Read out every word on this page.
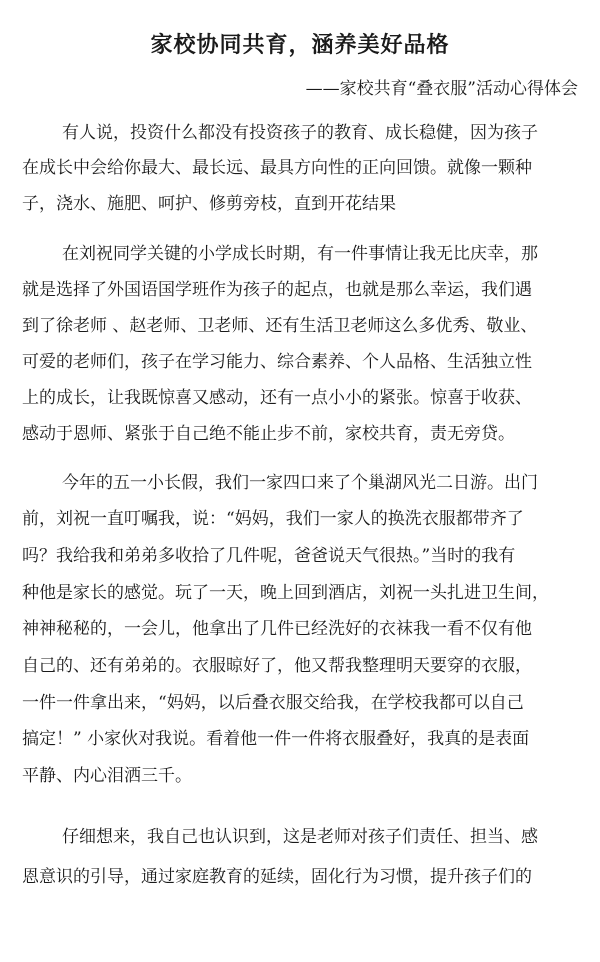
家校协同共育，涵养美好品格
——家校共育“叠衣服”活动心得体会
有人说，投资什么都没有投资孩子的教育、成长稳健，因为孩子
在成长中会给你最大、最长远、最具方向性的正向回馈。就像一颗种
子，浇水、施肥、呵护、修剪旁枝，直到开花结果
在刘祝同学关键的小学成长时期，有一件事情让我无比庆幸，那
就是选择了外国语国学班作为孩子的起点，也就是那么幸运，我们遇
到了徐老师 、赵老师、卫老师、还有生活卫老师这么多优秀、敬业、
可爱的老师们，孩子在学习能力、综合素养、个人品格、生活独立性
上的成长，让我既惊喜又感动，还有一点小小的紧张。惊喜于收获、
感动于恩师、紧张于自己绝不能止步不前，家校共育，责无旁贷。
今年的五一小长假，我们一家四口来了个巢湖风光二日游。出门
前，刘祝一直叮嘱我，说：“妈妈，我们一家人的换洗衣服都带齐了
吗？我给我和弟弟多收拾了几件呢，爸爸说天气很热。”当时的我有
种他是家长的感觉。玩了一天，晚上回到酒店，刘祝一头扎进卫生间，
神神秘秘的，一会儿，他拿出了几件已经洗好的衣袜我一看不仅有他
自己的、还有弟弟的。衣服晾好了，他又帮我整理明天要穿的衣服，
一件一件拿出来，“妈妈，以后叠衣服交给我，在学校我都可以自己
搞定！” 小家伙对我说。看着他一件一件将衣服叠好，我真的是表面
平静、内心泪洒三千。
仔细想来，我自己也认识到，这是老师对孩子们责任、担当、感
恩意识的引导，通过家庭教育的延续，固化行为习惯，提升孩子们的
